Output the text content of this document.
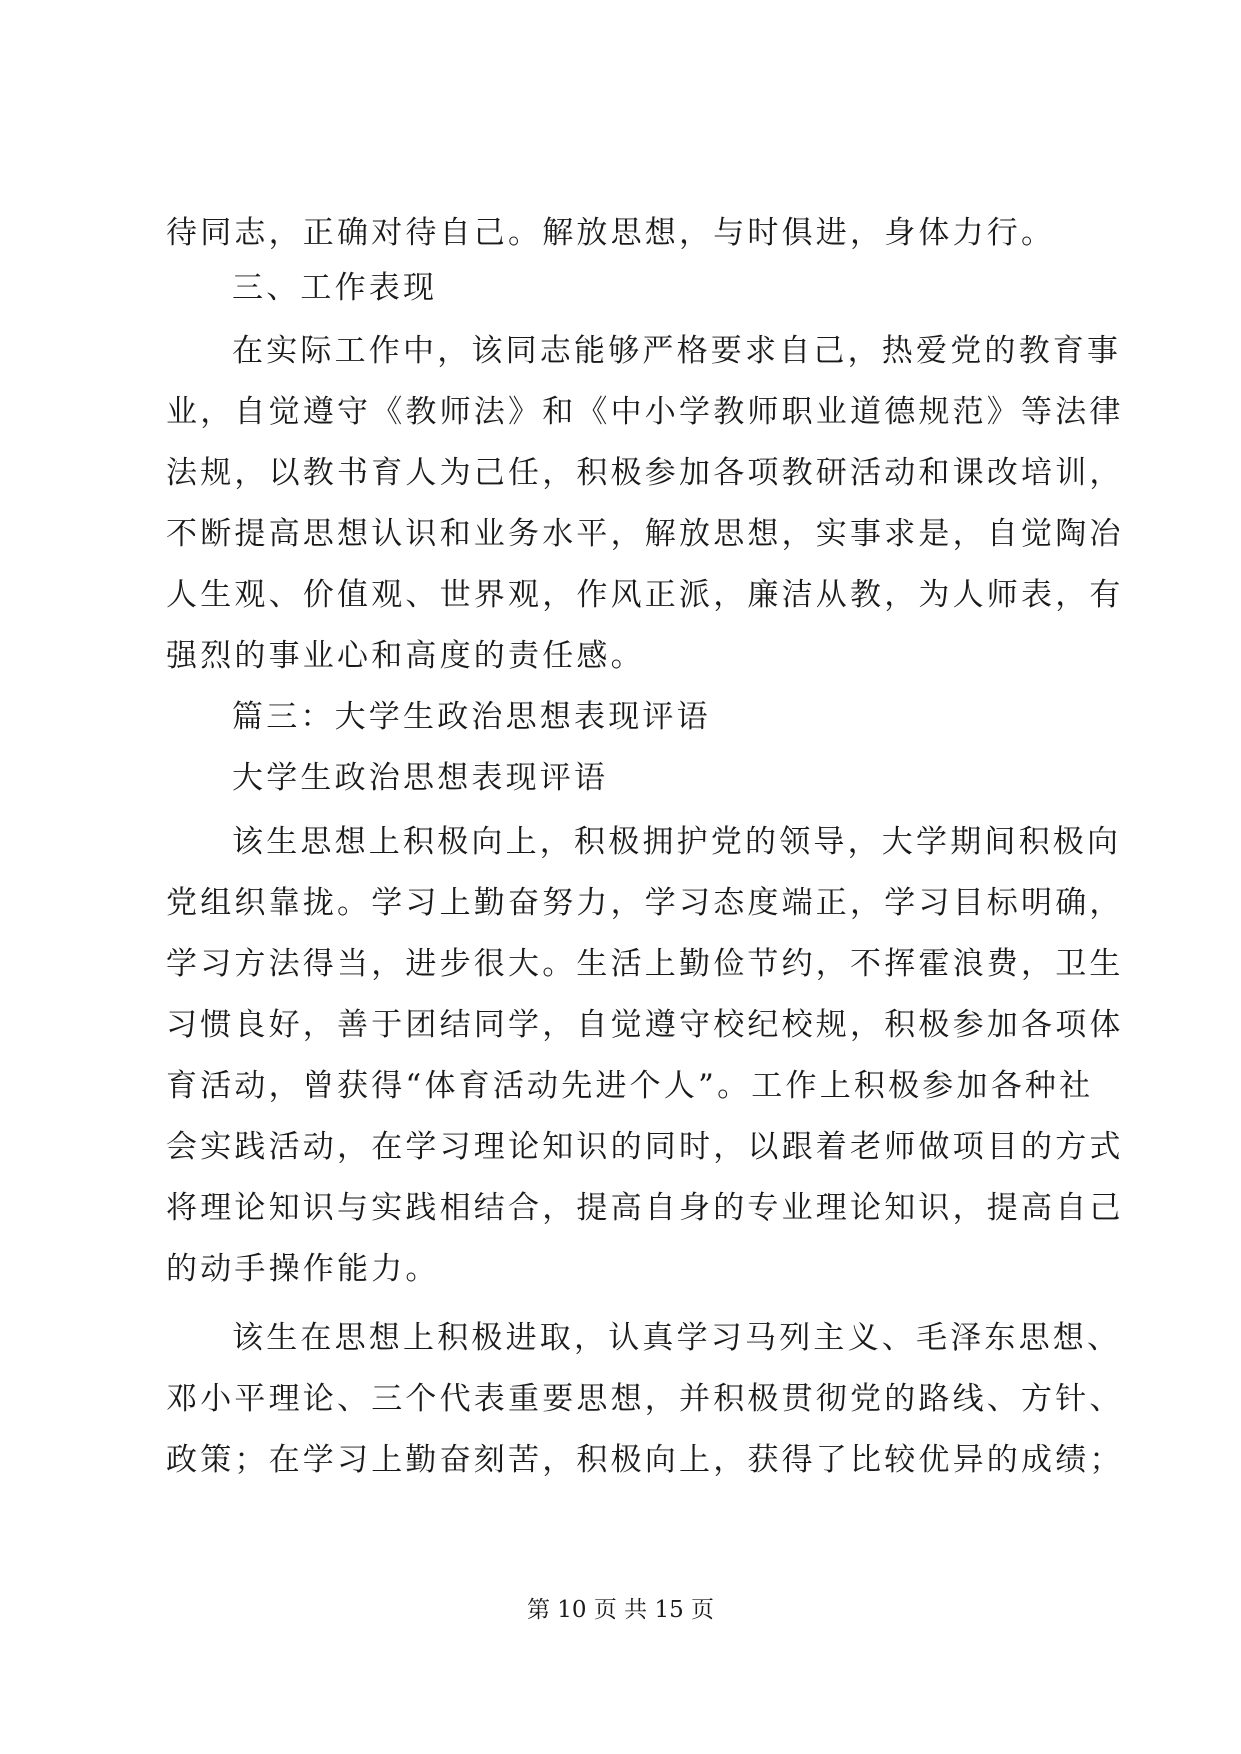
待同志，正确对待自己。解放思想，与时俱进，身体力行。
三、工作表现
在实际工作中，该同志能够严格要求自己，热爱党的教育事
业，自觉遵守《教师法》和《中小学教师职业道德规范》等法律
法规，以教书育人为己任，积极参加各项教研活动和课改培训，
不断提高思想认识和业务水平，解放思想，实事求是，自觉陶冶
人生观、价值观、世界观，作风正派，廉洁从教，为人师表，有
强烈的事业心和高度的责任感。
篇三：大学生政治思想表现评语
大学生政治思想表现评语
该生思想上积极向上，积极拥护党的领导，大学期间积极向
党组织靠拢。学习上勤奋努力，学习态度端正，学习目标明确，
学习方法得当，进步很大。生活上勤俭节约，不挥霍浪费，卫生
习惯良好，善于团结同学，自觉遵守校纪校规，积极参加各项体
育活动，曾获得“体育活动先进个人”。工作上积极参加各种社
会实践活动，在学习理论知识的同时，以跟着老师做项目的方式
将理论知识与实践相结合，提高自身的专业理论知识，提高自己
的动手操作能力。
该生在思想上积极进取，认真学习马列主义、毛泽东思想、
邓小平理论、三个代表重要思想，并积极贯彻党的路线、方针、
政策；在学习上勤奋刻苦，积极向上，获得了比较优异的成绩；
第 10 页 共 15 页
